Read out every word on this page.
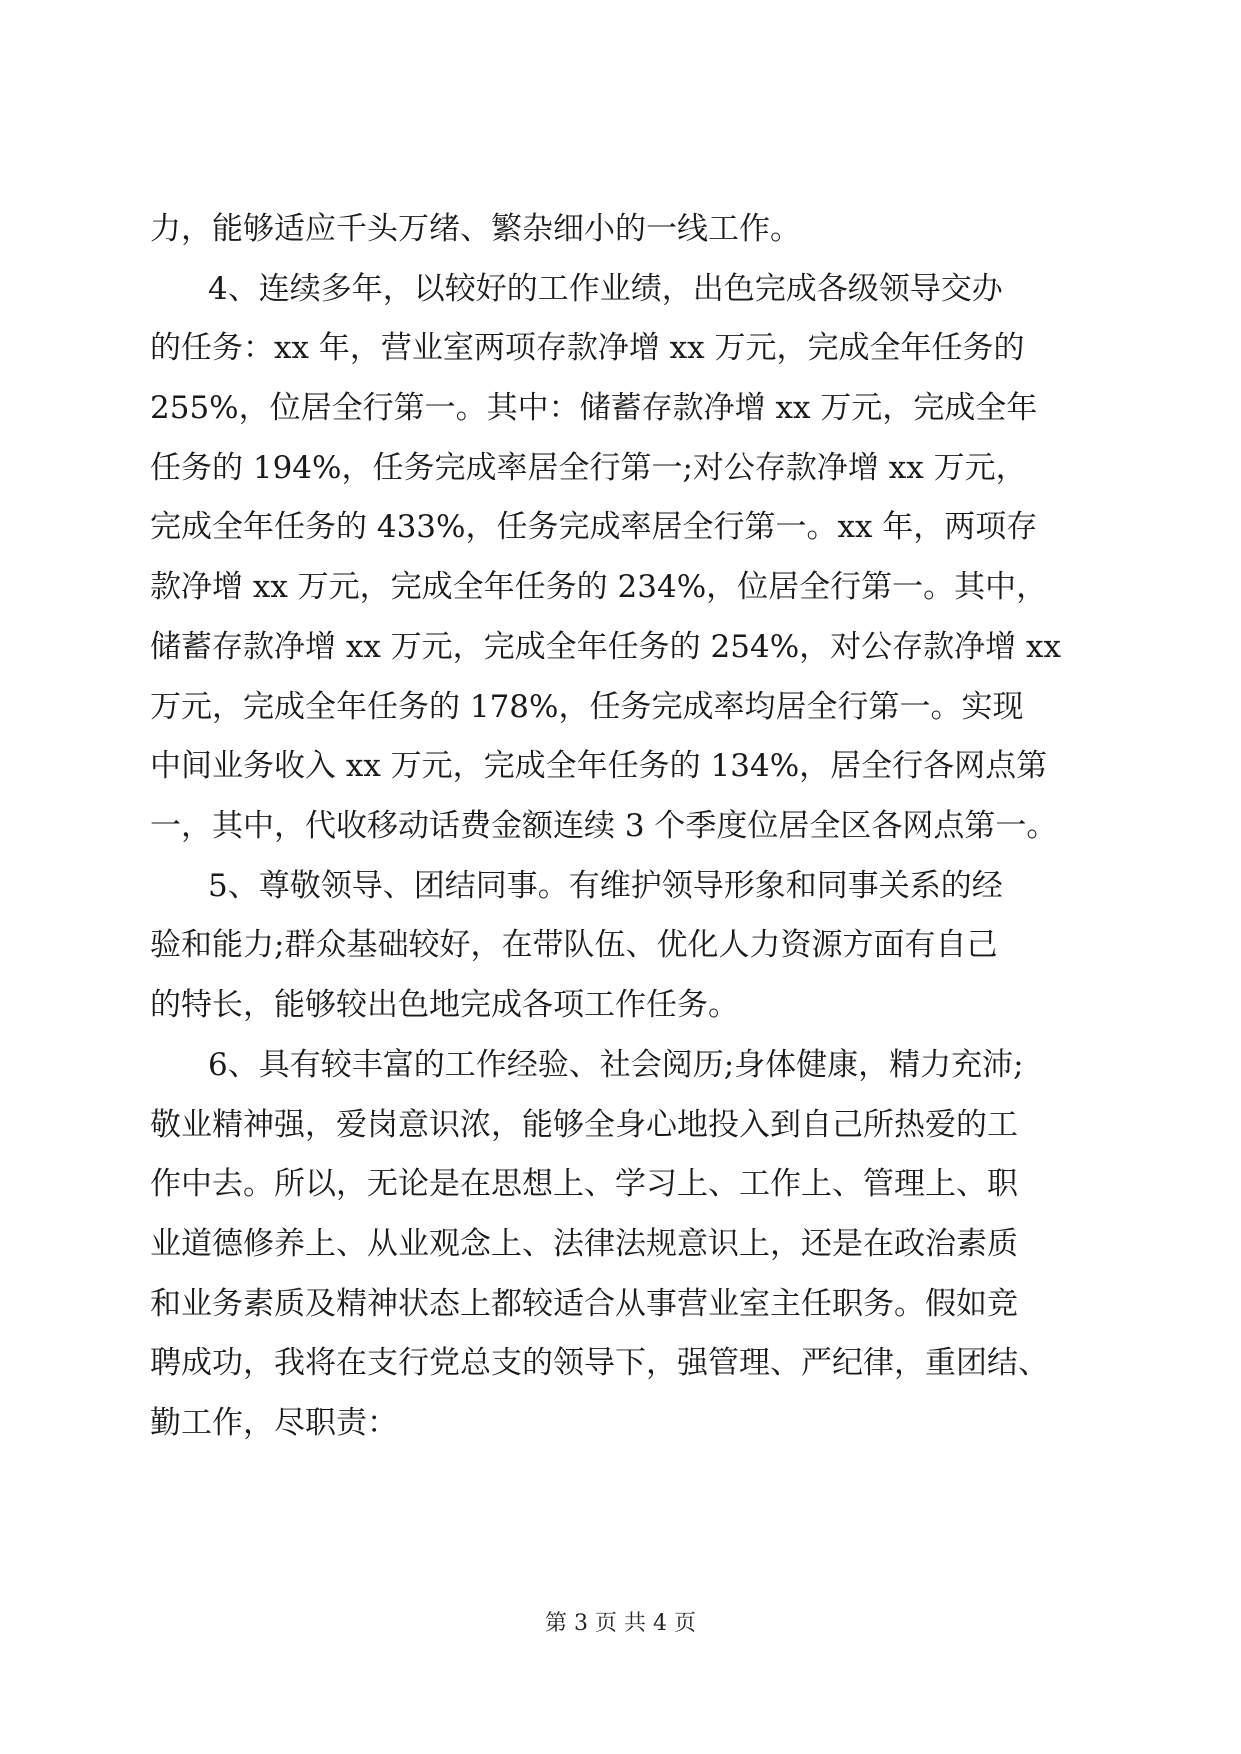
力，能够适应千头万绪、繁杂细小的一线工作。
4、连续多年，以较好的工作业绩，出色完成各级领导交办
的任务：xx 年，营业室两项存款净增 xx 万元，完成全年任务的
255%，位居全行第一。其中：储蓄存款净增 xx 万元，完成全年
任务的 194%，任务完成率居全行第一;对公存款净增 xx 万元，
完成全年任务的 433%，任务完成率居全行第一。xx 年，两项存
款净增 xx 万元，完成全年任务的 234%，位居全行第一。其中，
储蓄存款净增 xx 万元，完成全年任务的 254%，对公存款净增 xx
万元，完成全年任务的 178%，任务完成率均居全行第一。实现
中间业务收入 xx 万元，完成全年任务的 134%，居全行各网点第
一，其中，代收移动话费金额连续 3 个季度位居全区各网点第一。
5、尊敬领导、团结同事。有维护领导形象和同事关系的经
验和能力;群众基础较好，在带队伍、优化人力资源方面有自己
的特长，能够较出色地完成各项工作任务。
6、具有较丰富的工作经验、社会阅历;身体健康，精力充沛;
敬业精神强，爱岗意识浓，能够全身心地投入到自己所热爱的工
作中去。所以，无论是在思想上、学习上、工作上、管理上、职
业道德修养上、从业观念上、法律法规意识上，还是在政治素质
和业务素质及精神状态上都较适合从事营业室主任职务。假如竞
聘成功，我将在支行党总支的领导下，强管理、严纪律，重团结、
勤工作，尽职责：
第 3 页 共 4 页
